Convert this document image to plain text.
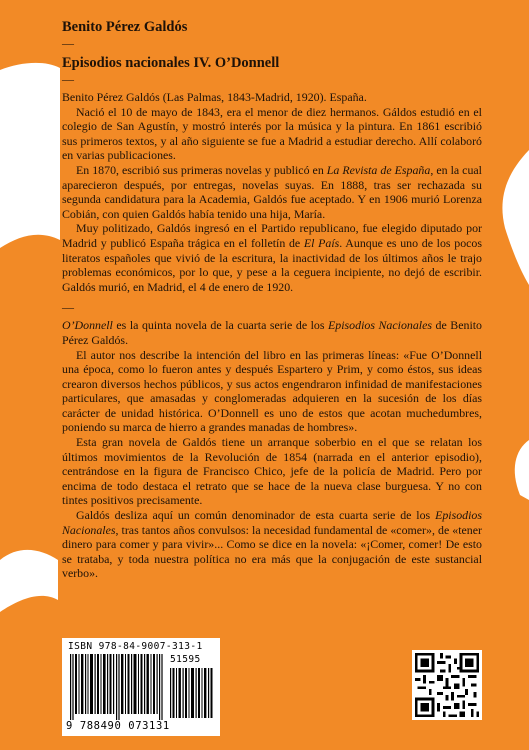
Benito Pérez Galdós

—

Episodios nacionales IV. O’Donnell

—

Benito Pérez Galdós (Las Palmas, 1843-Madrid, 1920). España.

Nació el 10 de mayo de 1843, era el menor de diez hermanos. Gáldos estudió en el colegio de San Agustín, y mostró interés por la música y la pintura. En 1861 escribió sus primeros textos, y al año siguiente se fue a Madrid a estudiar derecho. Allí colaboró en varias publicaciones.

En 1870, escribió sus primeras novelas y publicó en La Revista de España, en la cual aparecieron después, por entregas, novelas suyas. En 1888, tras ser rechazada su segunda candidatura para la Academia, Galdós fue aceptado. Y en 1906 murió Lorenza Cobián, con quien Galdós había tenido una hija, María.

Muy politizado, Galdós ingresó en el Partido republicano, fue elegido diputado por Madrid y publicó España trágica en el folletín de El País. Aunque es uno de los pocos literatos españoles que vivió de la escritura, la inactividad de los últimos años le trajo problemas económicos, por lo que, y pese a la ceguera incipiente, no dejó de escribir. Galdós murió, en Madrid, el 4 de enero de 1920.

—

O’Donnell es la quinta novela de la cuarta serie de los Episodios Nacionales de Benito Pérez Galdós.

El autor nos describe la intención del libro en las primeras líneas: «Fue O’Donnell una época, como lo fueron antes y después Espartero y Prim, y como éstos, sus ideas crearon diversos hechos públicos, y sus actos engendraron infinidad de manifestaciones particulares, que amasadas y conglomeradas adquieren en la sucesión de los días carácter de unidad histórica. O’Donnell es uno de estos que acotan muchedumbres, poniendo su marca de hierro a grandes manadas de hombres».

Esta gran novela de Galdós tiene un arranque soberbio en el que se relatan los últimos movimientos de la Revolución de 1854 (narrada en el anterior episodio), centrándose en la figura de Francisco Chico, jefe de la policía de Madrid. Pero por encima de todo destaca el retrato que se hace de la nueva clase burguesa. Y no con tintes positivos precisamente.

Galdós desliza aquí un común denominador de esta cuarta serie de los Episodios Nacionales, tras tantos años convulsos: la necesidad fundamental de «comer», de «tener dinero para comer y para vivir»... Como se dice en la novela: «¡Comer, comer! De esto se trataba, y toda nuestra política no era más que la conjugación de este sustancial verbo».

ISBN 978-84-9007-313-1
51595
9 788490 073131
